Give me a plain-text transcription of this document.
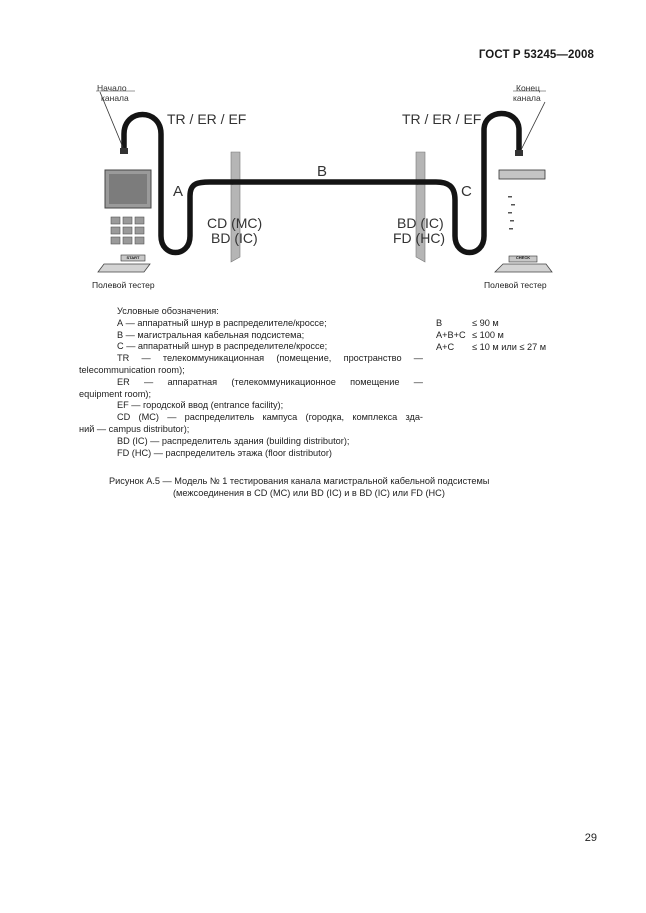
ГОСТ Р 53245—2008
Начало
канала
Конец
канала
TR / ER / EF	TR / ER / EF
A
B
C
CD (MC)
BD (IC)
BD (IC)
FD (HC)
START	CHECK
Полевой тестер	Полевой тестер
Условные обозначения:
А — аппаратный шнур в распределителе/кроссе;
В — магистральная кабельная подсистема;
С — аппаратный шнур в распределителе/кроссе;
TR — телекоммуникационная (помещение, пространство —
telecommunication room);
ER — аппаратная (телекоммуникационное помещение —
equipment room);
EF — городской ввод (entrance facility);
CD (MC) — распределитель кампуса (городка, комплекса зда-
ний — campus distributor);
BD (IC) — распределитель здания (building distributor);
FD (HC) — распределитель этажа (floor distributor)
В	≤ 90 м
А+В+С ≤ 100 м
А+С ≤ 10 м или ≤ 27 м
Рисунок А.5 — Модель № 1 тестирования канала магистральной кабельной подсистемы
(межсоединения в CD (MC) или BD (IC) и в BD (IC) или FD (HC)
29
